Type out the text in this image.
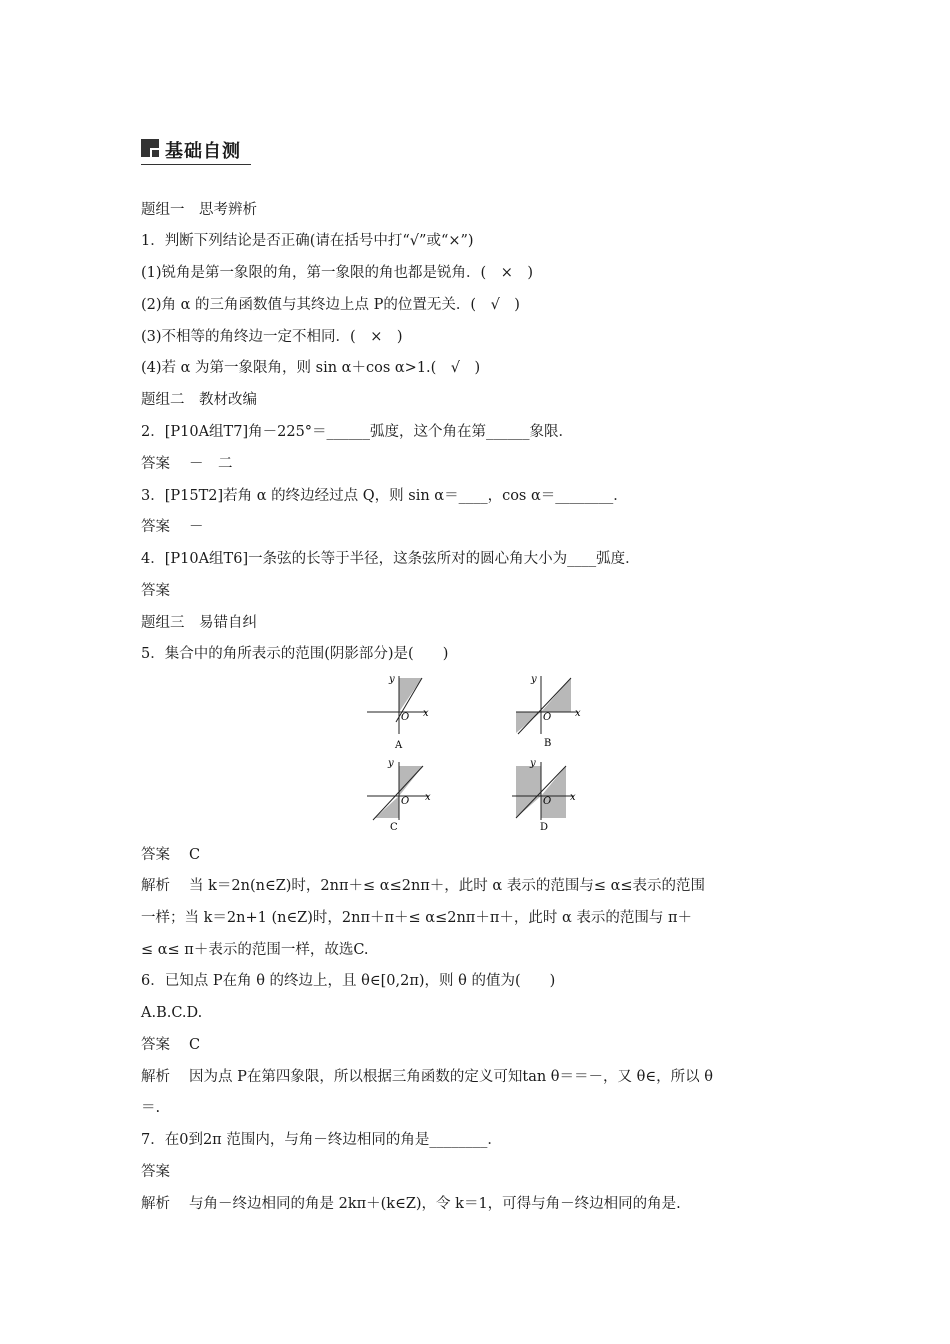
基础自测
题组一　思考辨析
1．判断下列结论是否正确(请在括号中打“√”或“×”)
(1)锐角是第一象限的角，第一象限的角也都是锐角．(　×　)
(2)角 α 的三角函数值与其终边上点 P的位置无关．(　√　)
(3)不相等的角终边一定不相同．(　×　)
(4)若 α 为第一象限角，则 sin α＋cos α>1.(　√　)
题组二　教材改编
2．[P10A组T7]角－225°＝______弧度，这个角在第______象限．
答案 －　二
3．[P15T2]若角 α 的终边经过点 Q，则 sin α＝____，cos α＝________．
答案 －
4．[P10A组T6]一条弦的长等于半径，这条弦所对的圆心角大小为____弧度．
答案
题组三　易错自纠
5．集合中的角所表示的范围(阴影部分)是(　　)
y
x
O
A
y
x
O
B
y
x
O
C
y
x
O
D
答案 C
解析 当 k＝2n(n∈Z)时，2nπ＋≤ α≤2nπ＋，此时 α 表示的范围与≤ α≤表示的范围
一样；当 k＝2n+1 (n∈Z)时，2nπ＋π＋≤ α≤2nπ＋π＋，此时 α 表示的范围与 π＋
≤ α≤ π＋表示的范围一样，故选C.
6．已知点 P在角 θ 的终边上，且 θ∈[0,2π)，则 θ 的值为(　　)
A.B.C.D.
答案 C
解析 因为点 P在第四象限，所以根据三角函数的定义可知tan θ＝＝－，又 θ∈，所以 θ
＝.
7．在0到2π 范围内，与角－终边相同的角是________．
答案
解析 与角－终边相同的角是 2kπ＋(k∈Z)，令 k＝1，可得与角－终边相同的角是.
